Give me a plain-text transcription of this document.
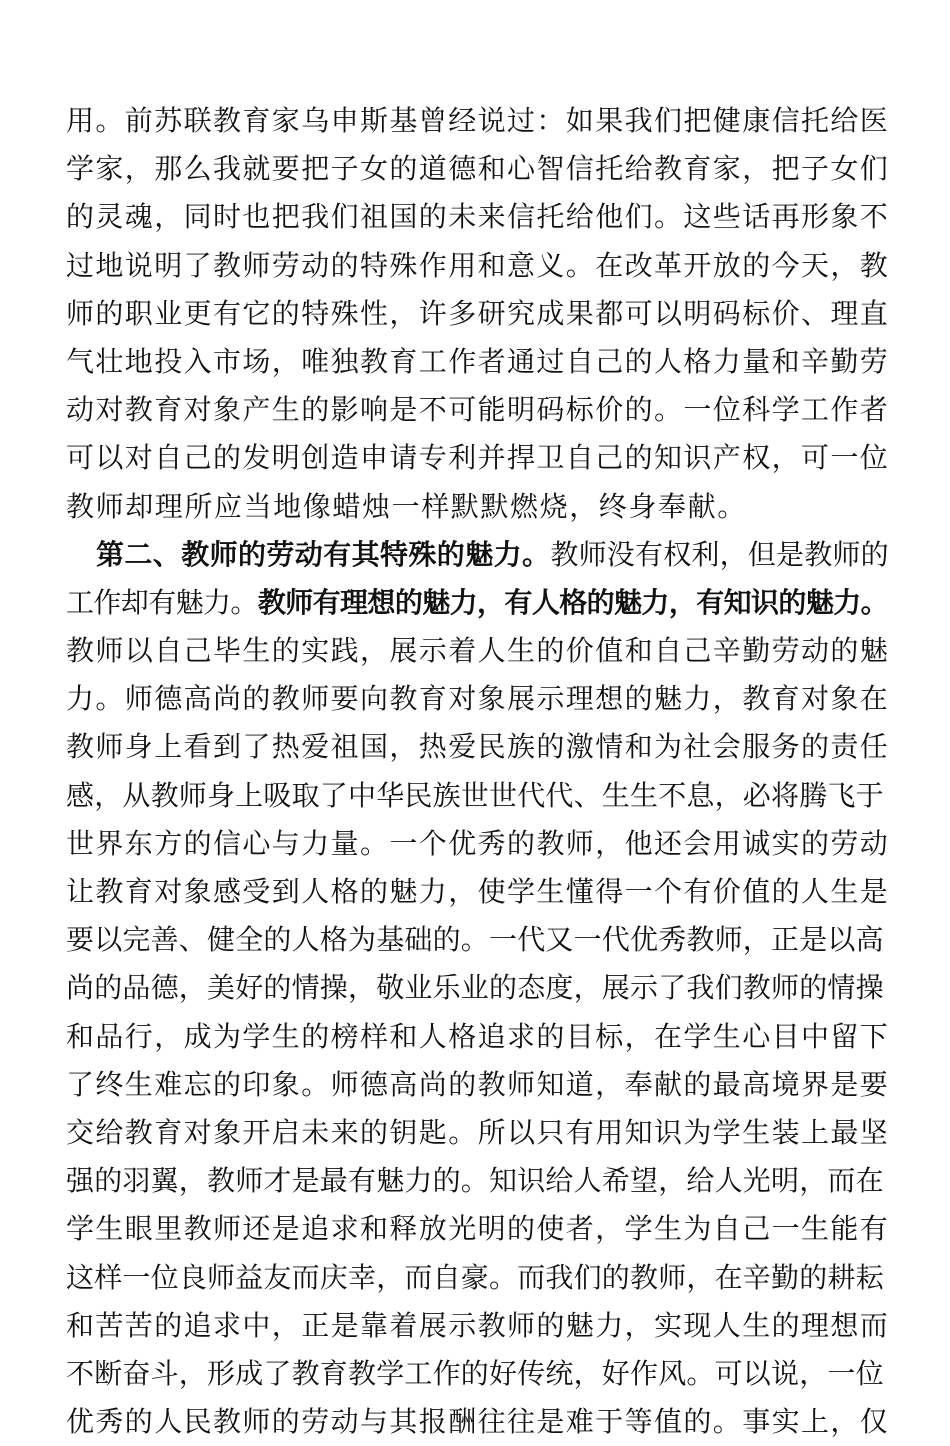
用。前苏联教育家乌申斯基曾经说过：如果我们把健康信托给医
学家，那么我就要把子女的道德和心智信托给教育家，把子女们
的灵魂，同时也把我们祖国的未来信托给他们。这些话再形象不
过地说明了教师劳动的特殊作用和意义。在改革开放的今天，教
师的职业更有它的特殊性，许多研究成果都可以明码标价、理直
气壮地投入市场，唯独教育工作者通过自己的人格力量和辛勤劳
动对教育对象产生的影响是不可能明码标价的。一位科学工作者
可以对自己的发明创造申请专利并捍卫自己的知识产权，可一位
教师却理所应当地像蜡烛一样默默燃烧，终身奉献。
第二、教师的劳动有其特殊的魅力。教师没有权利，但是教师的
工作却有魅力。教师有理想的魅力，有人格的魅力，有知识的魅力。
教师以自己毕生的实践，展示着人生的价值和自己辛勤劳动的魅
力。师德高尚的教师要向教育对象展示理想的魅力，教育对象在
教师身上看到了热爱祖国，热爱民族的激情和为社会服务的责任
感，从教师身上吸取了中华民族世世代代、生生不息，必将腾飞于
世界东方的信心与力量。一个优秀的教师，他还会用诚实的劳动
让教育对象感受到人格的魅力，使学生懂得一个有价值的人生是
要以完善、健全的人格为基础的。一代又一代优秀教师，正是以高
尚的品德，美好的情操，敬业乐业的态度，展示了我们教师的情操
和品行，成为学生的榜样和人格追求的目标，在学生心目中留下
了终生难忘的印象。师德高尚的教师知道，奉献的最高境界是要
交给教育对象开启未来的钥匙。所以只有用知识为学生装上最坚
强的羽翼，教师才是最有魅力的。知识给人希望，给人光明，而在
学生眼里教师还是追求和释放光明的使者，学生为自己一生能有
这样一位良师益友而庆幸，而自豪。而我们的教师，在辛勤的耕耘
和苦苦的追求中，正是靠着展示教师的魅力，实现人生的理想而
不断奋斗，形成了教育教学工作的好传统，好作风。可以说，一位
优秀的人民教师的劳动与其报酬往往是难于等值的。事实上，仅
